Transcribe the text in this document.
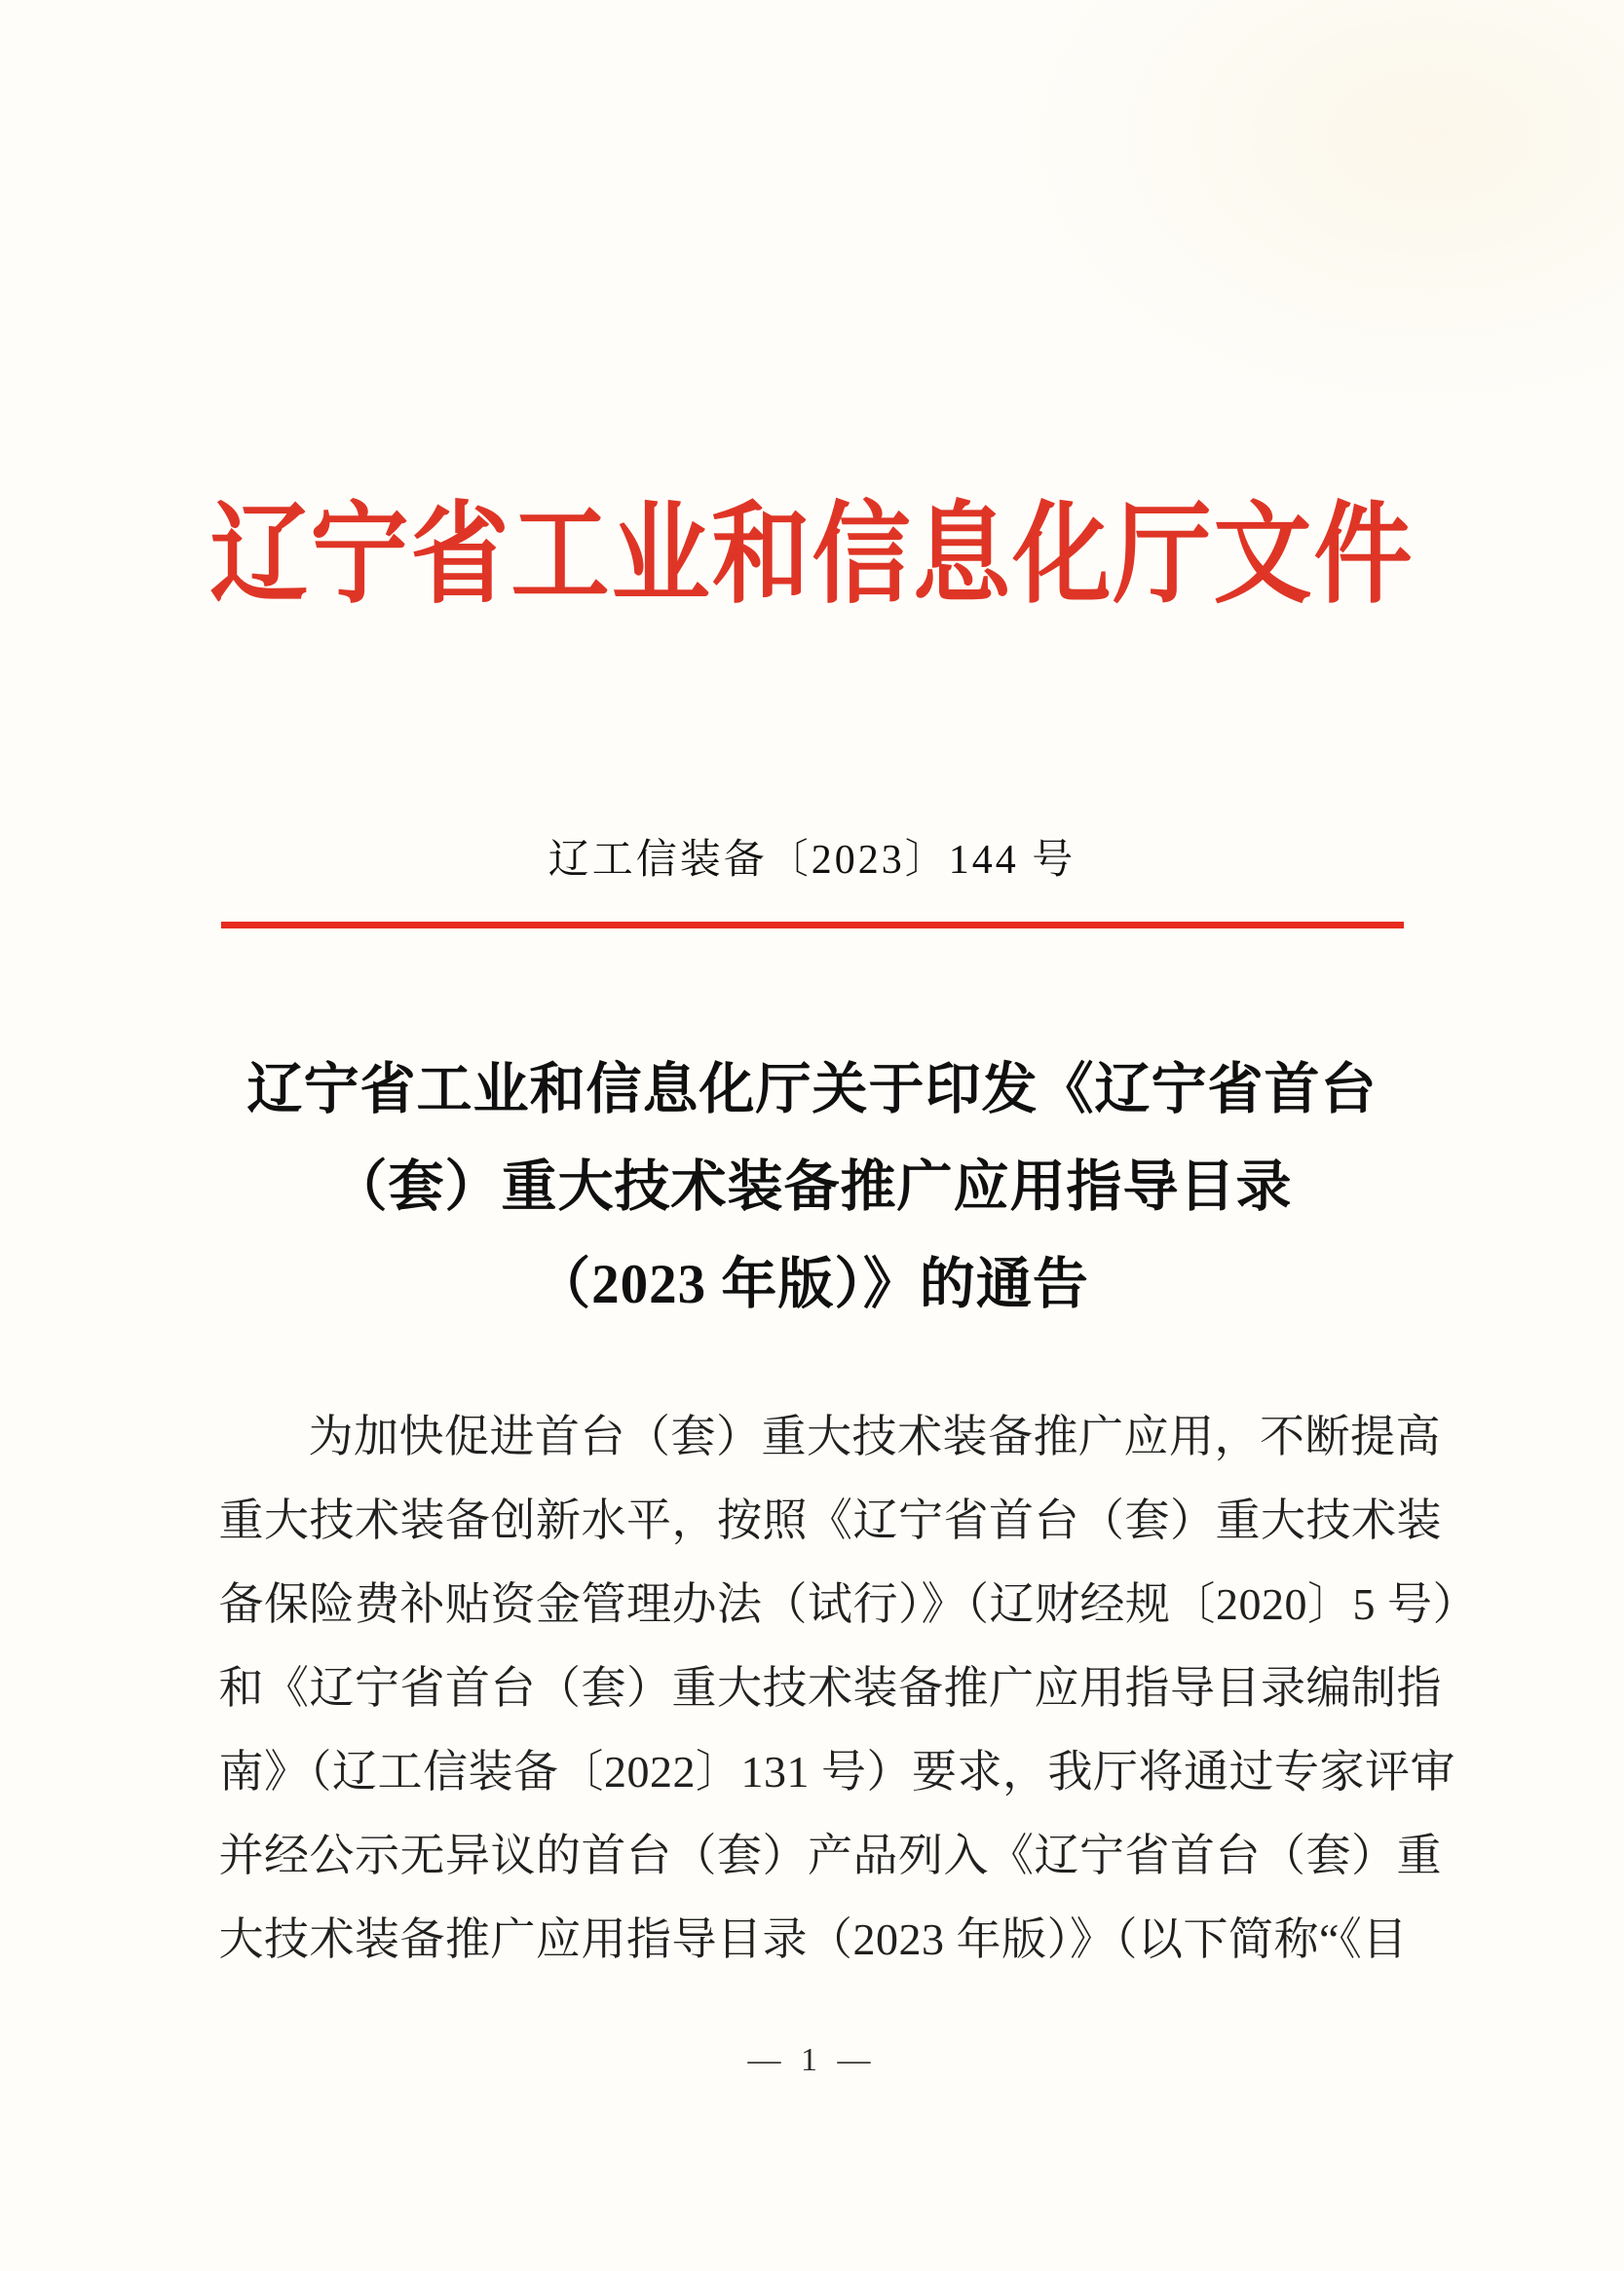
辽宁省工业和信息化厅文件
辽工信装备〔2023〕144 号
辽宁省工业和信息化厅关于印发《辽宁省首台
（套）重大技术装备推广应用指导目录
（2023 年版）》的通告
为加快促进首台（套）重大技术装备推广应用，不断提高
重大技术装备创新水平，按照《辽宁省首台（套）重大技术装
备保险费补贴资金管理办法（试行）》（辽财经规〔2020〕5 号）
和《辽宁省首台（套）重大技术装备推广应用指导目录编制指
南》（辽工信装备〔2022〕131 号）要求，我厅将通过专家评审
并经公示无异议的首台（套）产品列入《辽宁省首台（套）重
大技术装备推广应用指导目录（2023 年版）》（以下简称“《目
— 1 —
